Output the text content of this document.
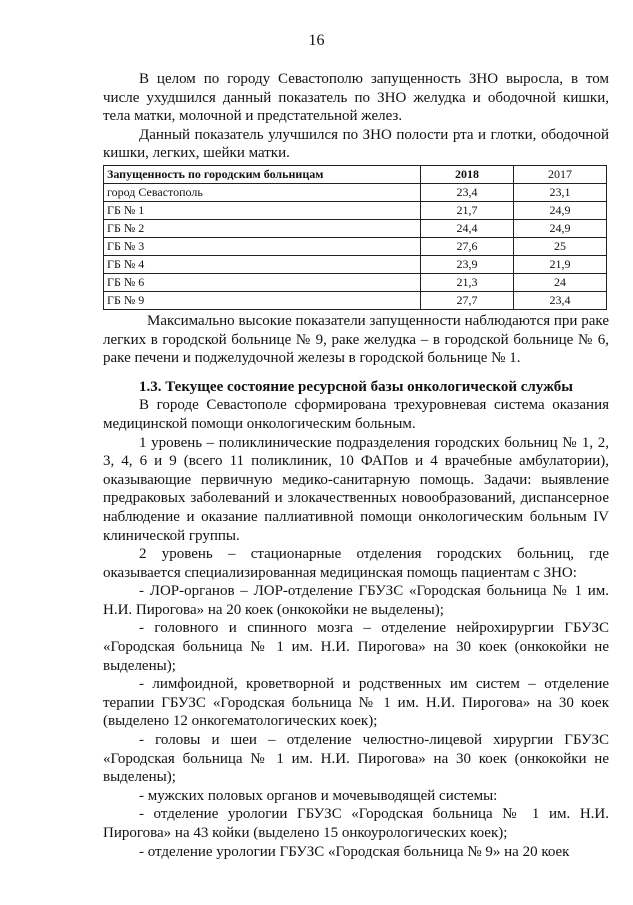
16

В целом по городу Севастополю запущенность ЗНО выросла, в том числе ухудшился данный показатель по ЗНО желудка и ободочной кишки, тела матки, молочной и предстательной желез.

Данный показатель улучшился по ЗНО полости рта и глотки, ободочной кишки, легких, шейки матки.

Запущенность по городским больницам	2018	2017
город Севастополь	23,4	23,1
ГБ № 1	21,7	24,9
ГБ № 2	24,4	24,9
ГБ № 3	27,6	25
ГБ № 4	23,9	21,9
ГБ № 6	21,3	24
ГБ № 9	27,7	23,4

Максимально высокие показатели запущенности наблюдаются при раке легких в городской больнице № 9, раке желудка – в городской больнице № 6, раке печени и поджелудочной железы в городской больнице № 1.

1.3. Текущее состояние ресурсной базы онкологической службы

В городе Севастополе сформирована трехуровневая система оказания медицинской помощи онкологическим больным.

1 уровень – поликлинические подразделения городских больниц № 1, 2, 3, 4, 6 и 9 (всего 11 поликлиник, 10 ФАПов и 4 врачебные амбулатории), оказывающие первичную медико-санитарную помощь. Задачи: выявление предраковых заболеваний и злокачественных новообразований, диспансерное наблюдение и оказание паллиативной помощи онкологическим больным IV клинической группы.

2 уровень – стационарные отделения городских больниц, где оказывается специализированная медицинская помощь пациентам с ЗНО:

- ЛОР-органов – ЛОР-отделение ГБУЗС «Городская больница № 1 им. Н.И. Пирогова» на 20 коек (онкокойки не выделены);

- головного и спинного мозга – отделение нейрохирургии ГБУЗС «Городская больница № 1 им. Н.И. Пирогова» на 30 коек (онкокойки не выделены);

- лимфоидной, кроветворной и родственных им систем – отделение терапии ГБУЗС «Городская больница № 1 им. Н.И. Пирогова» на 30 коек (выделено 12 онкогематологических коек);

- головы и шеи – отделение челюстно-лицевой хирургии ГБУЗС «Городская больница № 1 им. Н.И. Пирогова» на 30 коек (онкокойки не выделены);

- мужских половых органов и мочевыводящей системы:

- отделение урологии ГБУЗС «Городская больница № 1 им. Н.И. Пирогова» на 43 койки (выделено 15 онкоурологических коек);

- отделение урологии ГБУЗС «Городская больница № 9» на 20 коек
